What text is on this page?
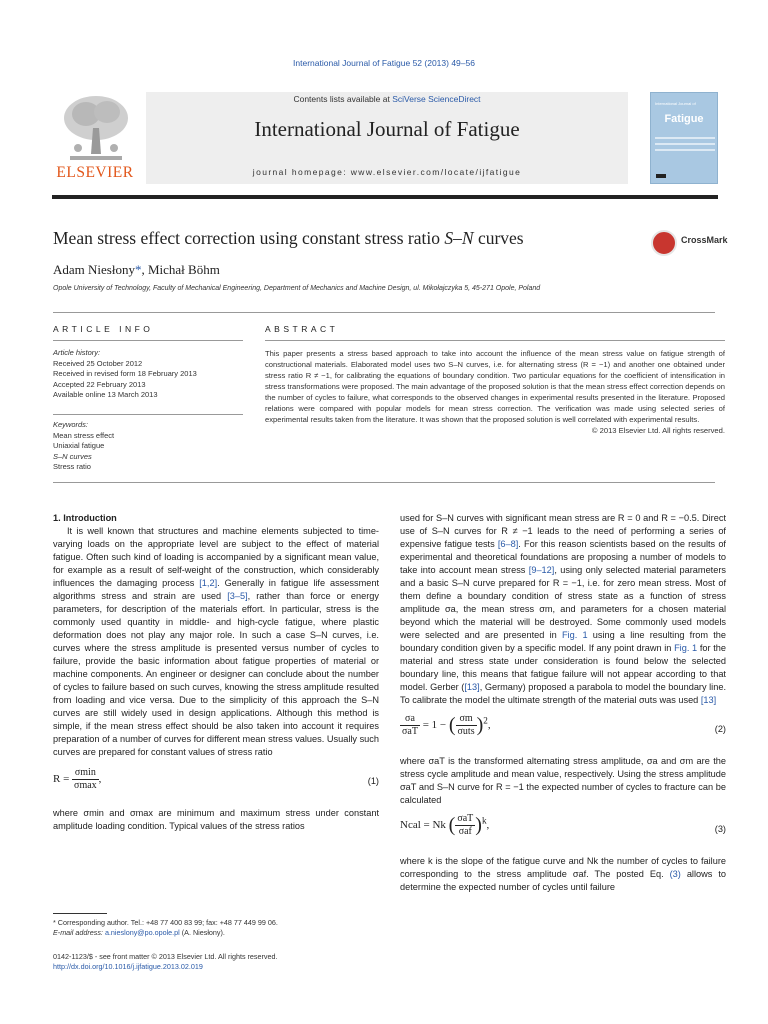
International Journal of Fatigue 52 (2013) 49–56
ELSEVIER
Contents lists available at SciVerse ScienceDirect
International Journal of Fatigue
journal homepage: www.elsevier.com/locate/ijfatigue
International Journal of
Fatigue
Mean stress effect correction using constant stress ratio S–N curves	CrossMark
Adam Niesłony*, Michał Böhm
Opole University of Technology, Faculty of Mechanical Engineering, Department of Mechanics and Machine Design, ul. Mikołajczyka 5, 45-271 Opole, Poland
ARTICLE INFO	ABSTRACT
Article history:
Received 25 October 2012
Received in revised form 18 February 2013
Accepted 22 February 2013
Available online 13 March 2013
Keywords:
Mean stress effect
Uniaxial fatigue
S–N curves
Stress ratio
This paper presents a stress based approach to take into account the influence of the mean stress value on fatigue strength of constructional materials. Elaborated model uses two S–N curves, i.e. for alternating stress (R = −1) and another one obtained under stress ratio R ≠ −1, for calibrating the equations of boundary condition. Two particular equations for the coefficient of intensification in stress transformations were proposed. The main advantage of the proposed solution is that the mean stress effect correction depends on the number of cycles to failure, what corresponds to the observed changes in experimental results presented in the literature. Proposed relations were compared with popular models for mean stress correction. The verification was made using selected series of experimental results taken from the literature. It was shown that the proposed solution is well correlated with experimental results.
© 2013 Elsevier Ltd. All rights reserved.

1. Introduction

It is well known that structures and machine elements subjected to time-varying loads on the appropriate level are subject to the effect of material fatigue. Often such kind of loading is accompanied by a significant mean value, for example as a result of self-weight of the construction, which considerably influences the damaging process [1,2]. Generally in fatigue life assessment algorithms stress and strain are used [3–5], rather than force or energy parameters, for description of the materials effort. In particular, stress is the commonly used quantity in middle- and high-cycle fatigue, where plastic deformation does not play any major role. In such a case S–N curves, i.e. curves where the stress amplitude is presented versus number of cycles to failure, provide the basic information about fatigue properties of material or machine components. An engineer or designer can conclude about the number of cycles to failure based on such curves, knowing the stress amplitude resulted from loading and vice versa. Due to the simplicity of this approach the S–N curves are still widely used in design applications. Although this method is simple, if the mean stress effect should be also taken into account it requires preparation of a number of curves for different mean stress values. Usually such curves are prepared for constant values of stress ratio

$R = \frac{\sigma\min}{\sigma\max}$ ,	(1)

where σmin and σmax are minimum and maximum stress under constant amplitude loading condition. Typical values of the stress ratios

used for S–N curves with significant mean stress are R = 0 and R = −0.5. Direct use of S–N curves for R ≠ −1 leads to the need of performing a series of expensive fatigue tests [6–8]. For this reason scientists based on the results of experimental and theoretical foundations are proposing a number of models to take into account mean stress [9–12], using only selected material parameters and a basic S–N curve prepared for R = −1, i.e. for zero mean stress. Most of them define a boundary condition of stress state as a function of stress amplitude σa, the mean stress σm, and parameters for a chosen material beyond which the material will be destroyed. Some commonly used models were selected and are presented in Fig. 1 using a line resulting from the boundary condition given by a specific model. If any point drawn in Fig. 1 for the material and stress state under consideration is found below the selected boundary line, this means that fatigue failure will not appear according to that model. Gerber ([13], Germany) proposed a parabola to model the boundary line. To calibrate the model the ultimate strength of the material σuts was used [13]

$\frac{\sigma a}{\text{σaT}} = 1$ − ( $\frac{\sigma m}{\text{σuts}} )^2$,	(2)

where σaT is the transformed alternating stress amplitude, σa and σm are the stress cycle amplitude and mean value, respectively. Using the stress amplitude σaT and S–N curve for R = −1 the expected number of cycles to fracture can be calculated

Ncal = Nk ( $\frac{\text{σaT}}{\text{σaf}} )^k$,	(3)

where k is the slope of the fatigue curve and Nk the number of cycles to failure corresponding to the stress amplitude σaf. The posted Eq. (3) allows to determine the expected number of cycles until failure

* Corresponding author. Tel.: +48 77 400 83 99; fax: +48 77 449 99 06.
E-mail address: a.nieslony@po.opole.pl (A. Niesłony).
0142-1123/$ - see front matter © 2013 Elsevier Ltd. All rights reserved.
http://dx.doi.org/10.1016/j.ijfatigue.2013.02.019
